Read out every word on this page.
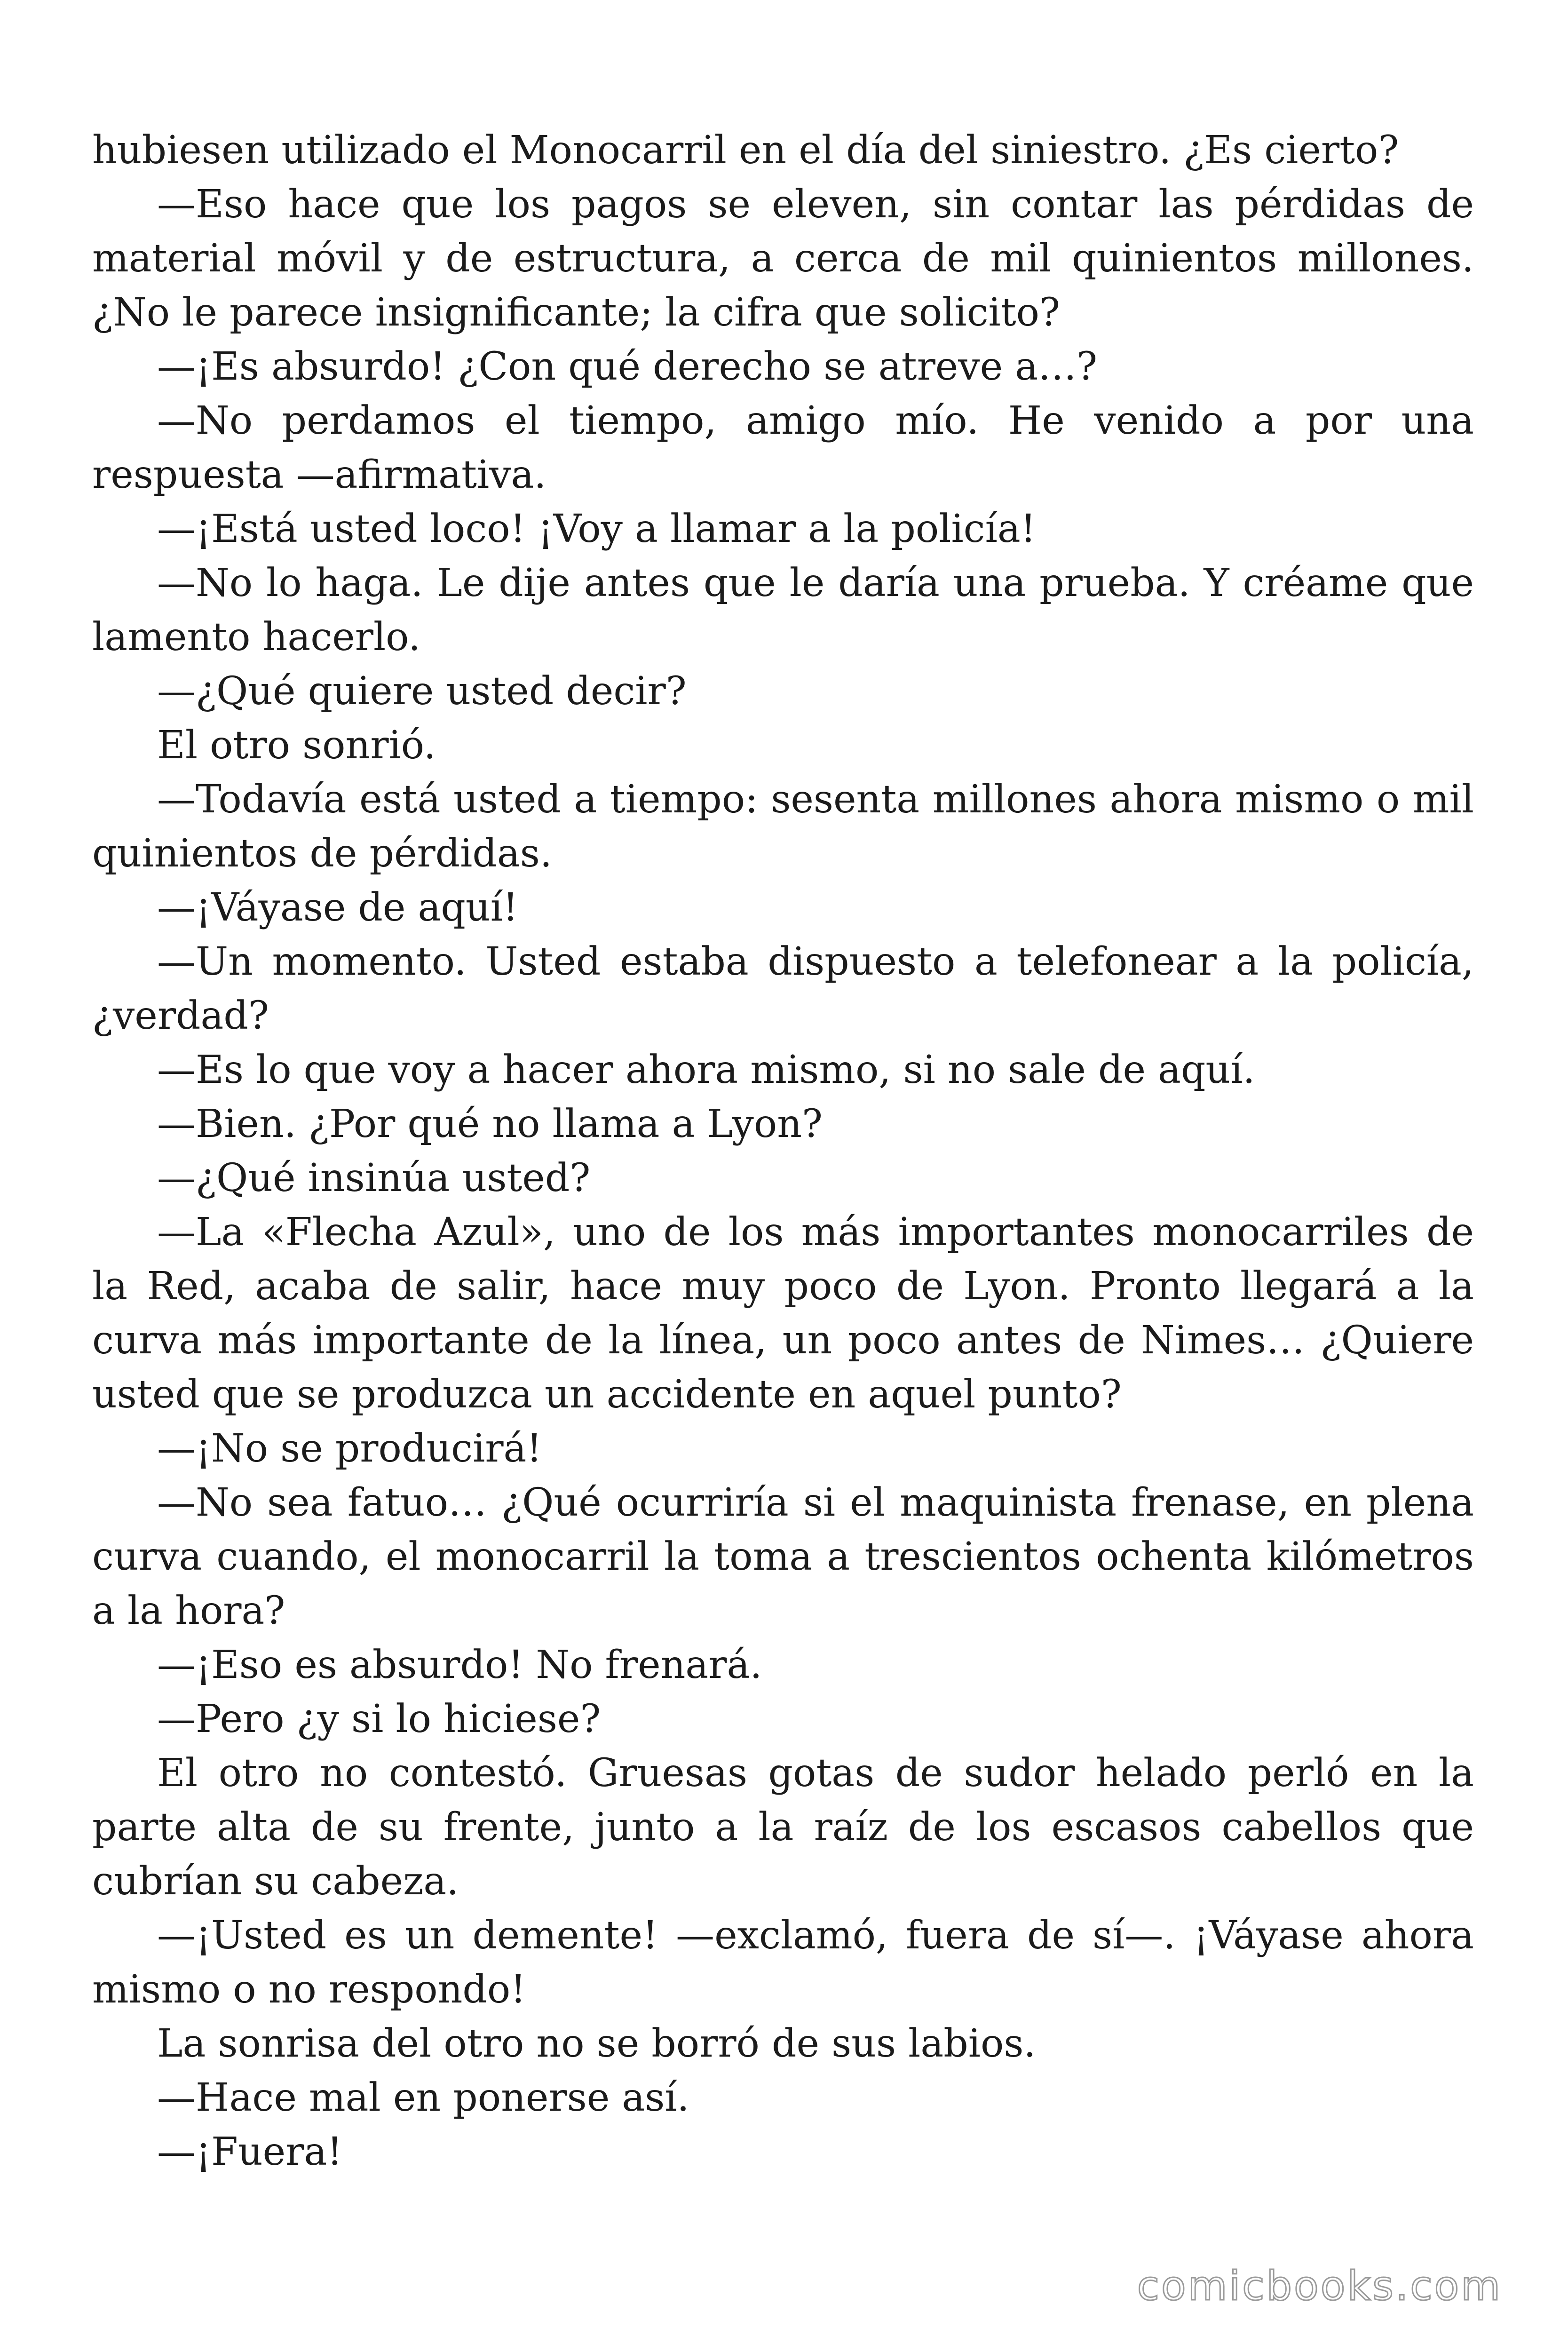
hubiesen utilizado el Monocarril en el día del siniestro. ¿Es cierto?

—Eso hace que los pagos se eleven, sin contar las pérdidas de material móvil y de estructura, a cerca de mil quinientos millones. ¿No le parece insignificante; la cifra que solicito?

—¡Es absurdo! ¿Con qué derecho se atreve a…?

—No perdamos el tiempo, amigo mío. He venido a por una respuesta —afirmativa.

—¡Está usted loco! ¡Voy a llamar a la policía!

—No lo haga. Le dije antes que le daría una prueba. Y créame que lamento hacerlo.

—¿Qué quiere usted decir?

El otro sonrió.

—Todavía está usted a tiempo: sesenta millones ahora mismo o mil quinientos de pérdidas.

—¡Váyase de aquí!

—Un momento. Usted estaba dispuesto a telefonear a la policía, ¿verdad?

—Es lo que voy a hacer ahora mismo, si no sale de aquí.

—Bien. ¿Por qué no llama a Lyon?

—¿Qué insinúa usted?

—La «Flecha Azul», uno de los más importantes monocarriles de la Red, acaba de salir, hace muy poco de Lyon. Pronto llegará a la curva más importante de la línea, un poco antes de Nimes… ¿Quiere usted que se produzca un accidente en aquel punto?

—¡No se producirá!

—No sea fatuo… ¿Qué ocurriría si el maquinista frenase, en plena curva cuando, el monocarril la toma a trescientos ochenta kilómetros a la hora?

—¡Eso es absurdo! No frenará.

—Pero ¿y si lo hiciese?

El otro no contestó. Gruesas gotas de sudor helado perló en la parte alta de su frente, junto a la raíz de los escasos cabellos que cubrían su cabeza.

—¡Usted es un demente! —exclamó, fuera de sí—. ¡Váyase ahora mismo o no respondo!

La sonrisa del otro no se borró de sus labios.

—Hace mal en ponerse así.

—¡Fuera!

comicbooks.com
